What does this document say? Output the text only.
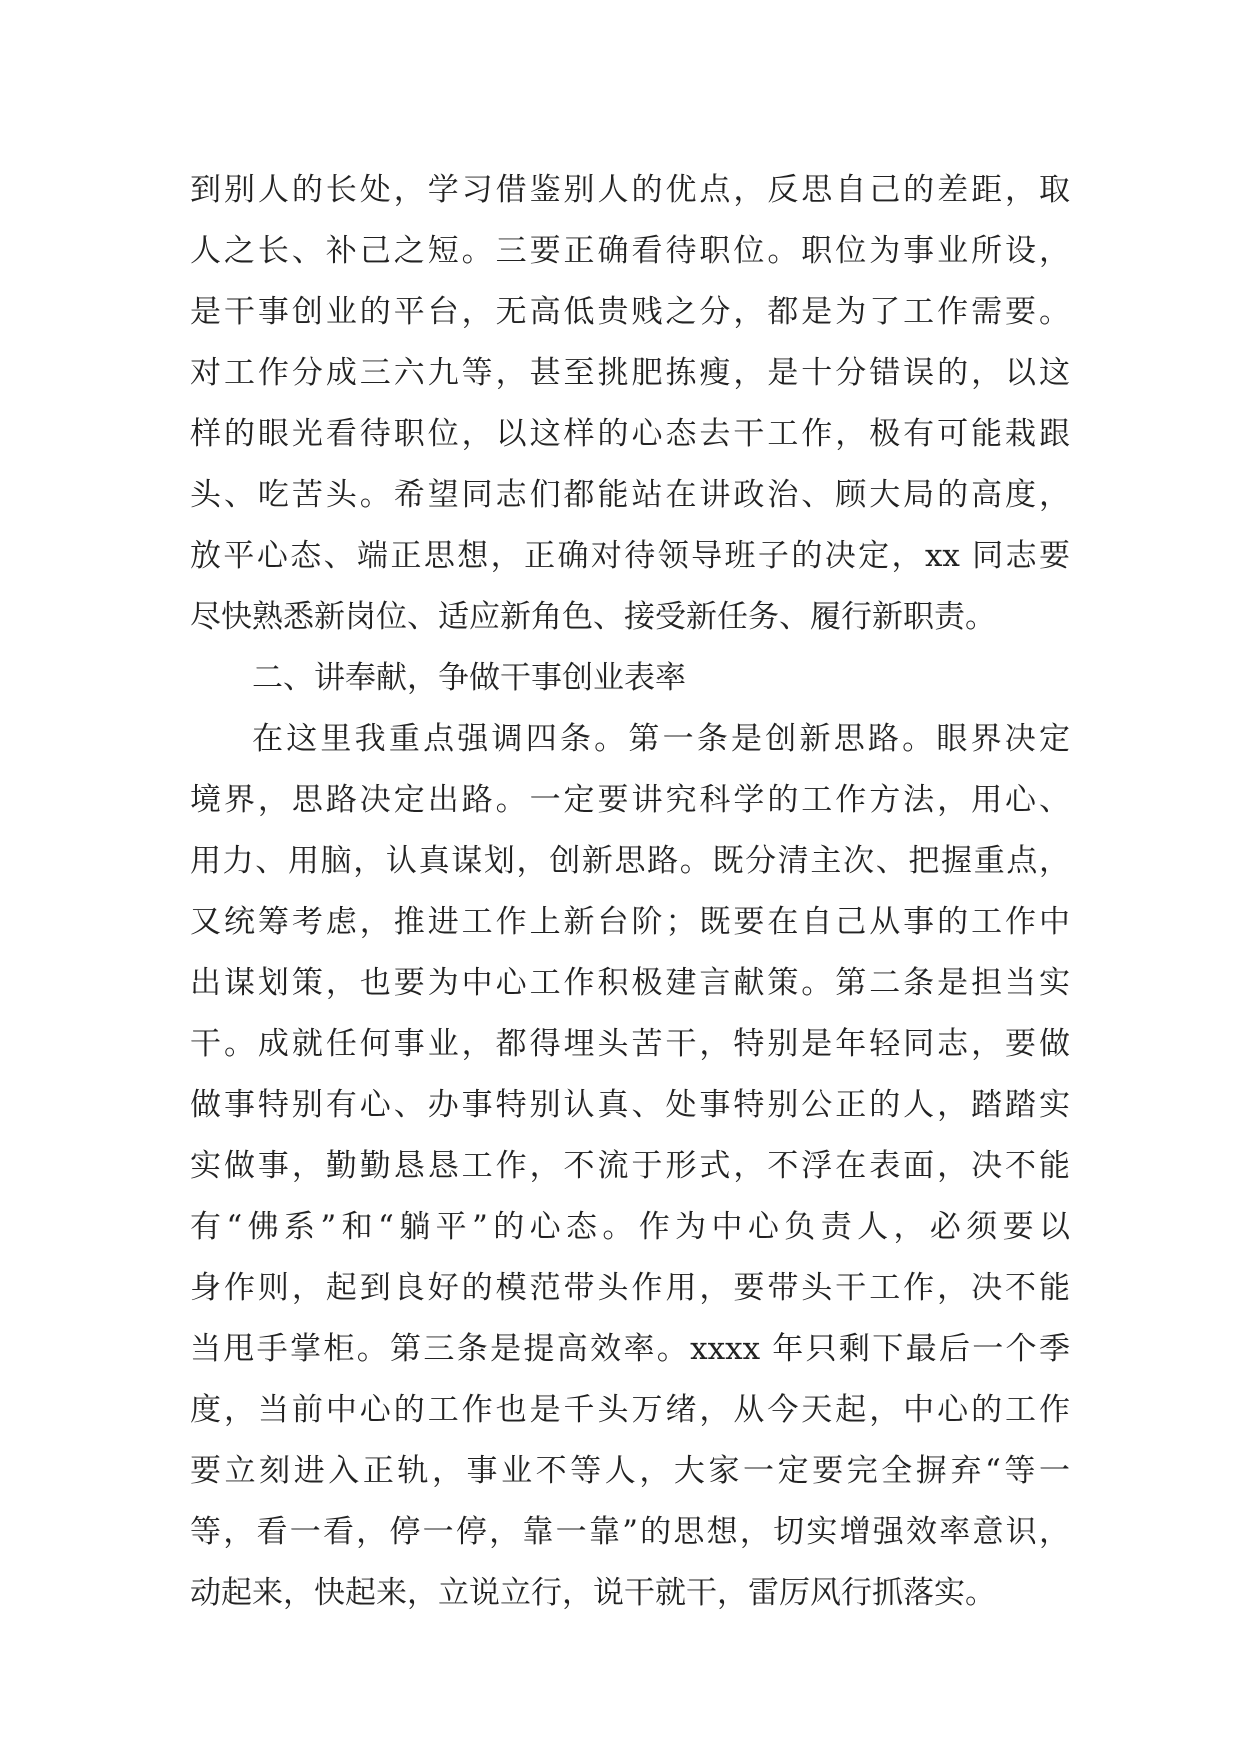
到别人的长处，学习借鉴别人的优点，反思自己的差距，取
人之长、补己之短。三要正确看待职位。职位为事业所设，
是干事创业的平台，无高低贵贱之分，都是为了工作需要。
对工作分成三六九等，甚至挑肥拣瘦，是十分错误的，以这
样的眼光看待职位，以这样的心态去干工作，极有可能栽跟
头、吃苦头。希望同志们都能站在讲政治、顾大局的高度，
放平心态、端正思想，正确对待领导班子的决定，xx 同志要
尽快熟悉新岗位、适应新角色、接受新任务、履行新职责。
二、讲奉献，争做干事创业表率
在这里我重点强调四条。第一条是创新思路。眼界决定
境界，思路决定出路。一定要讲究科学的工作方法，用心、
用力、用脑，认真谋划，创新思路。既分清主次、把握重点，
又统筹考虑，推进工作上新台阶；既要在自己从事的工作中
出谋划策，也要为中心工作积极建言献策。第二条是担当实
干。成就任何事业，都得埋头苦干，特别是年轻同志，要做
做事特别有心、办事特别认真、处事特别公正的人，踏踏实
实做事，勤勤恳恳工作，不流于形式，不浮在表面，决不能
有“佛系”和“躺平”的心态。作为中心负责人，必须要以
身作则，起到良好的模范带头作用，要带头干工作，决不能
当甩手掌柜。第三条是提高效率。xxxx 年只剩下最后一个季
度，当前中心的工作也是千头万绪，从今天起，中心的工作
要立刻进入正轨，事业不等人，大家一定要完全摒弃“等一
等，看一看，停一停，靠一靠”的思想，切实增强效率意识，
动起来，快起来，立说立行，说干就干，雷厉风行抓落实。
